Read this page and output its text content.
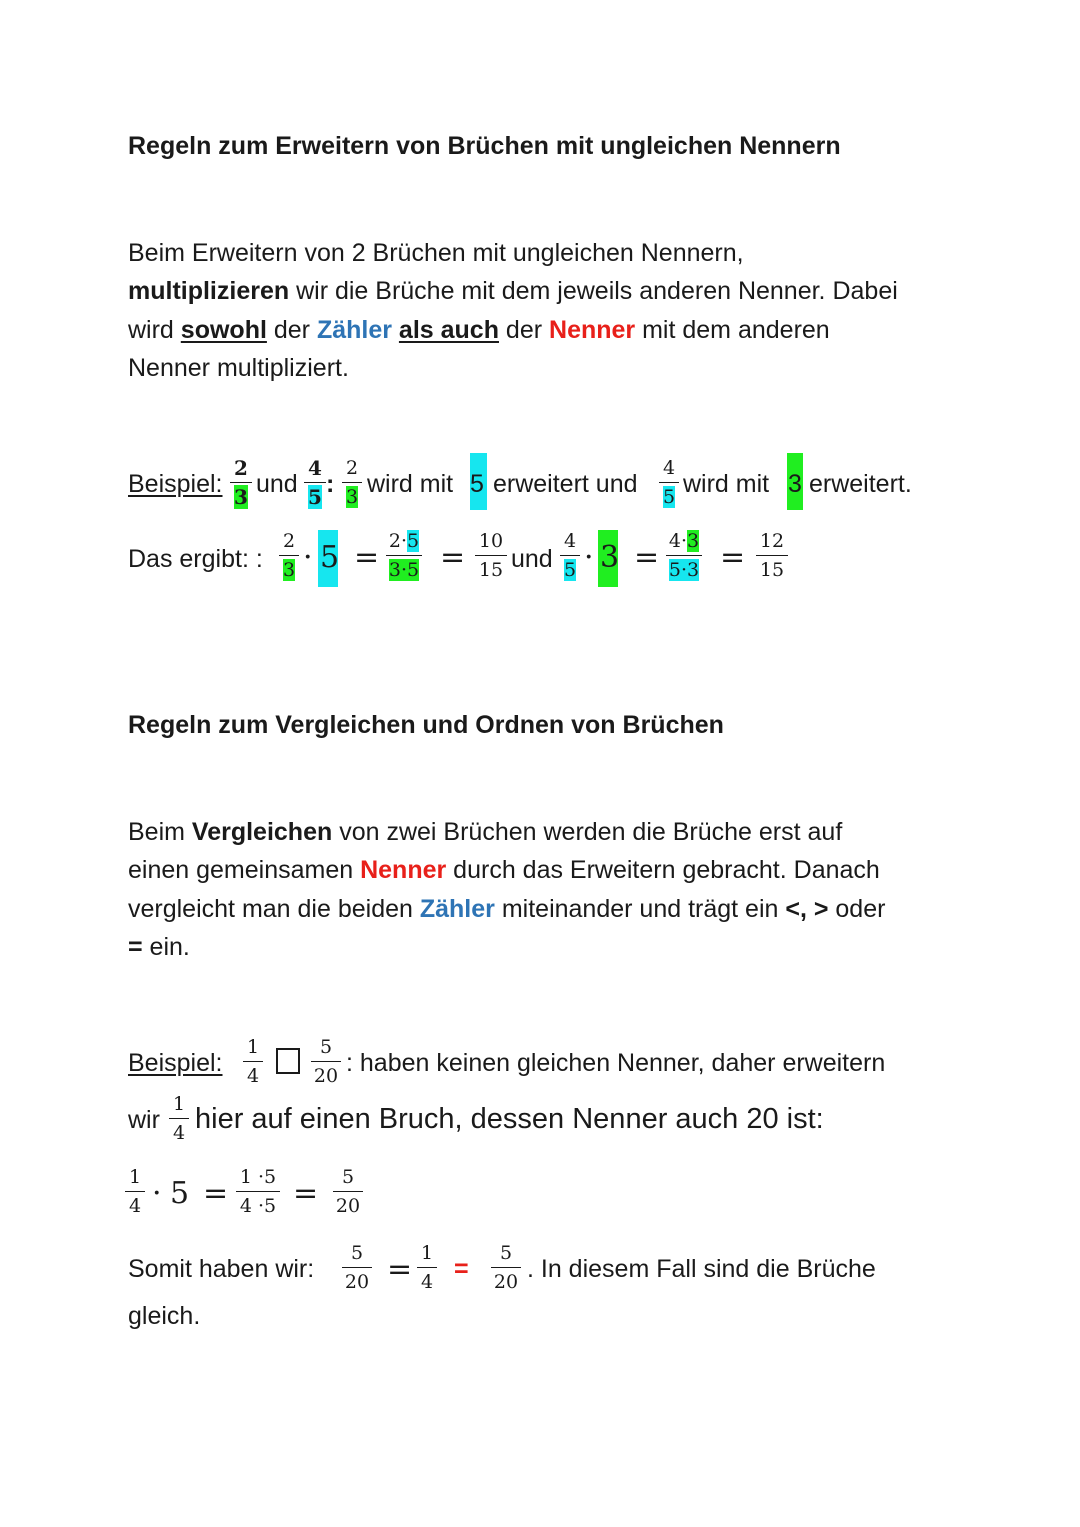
Regeln zum Erweitern von Brüchen mit ungleichen Nennern
Beim Erweitern von 2 Brüchen mit ungleichen Nennern,
multiplizieren wir die Brüche mit dem jeweils anderen Nenner. Dabei
wird sowohl der Zähler als auch der Nenner mit dem anderen
Nenner multipliziert.
Beispiel:
2
3 und
4
5 :
2
3 wird mit 5 erweitert und
4
5 wird mit 3 erweitert.
Das ergibt: :
2
3 · 5 = 2·5
3·5 = 10
15 und
4
5 · 3 = 4·3
5·3 = 12
15
Regeln zum Vergleichen und Ordnen von Brüchen
Beim Vergleichen von zwei Brüchen werden die Brüche erst auf
einen gemeinsamen Nenner durch das Erweitern gebracht. Danach
vergleicht man die beiden Zähler miteinander und trägt ein <, > oder
= ein.
Beispiel:
1
4
5
20 : haben keinen gleichen Nenner, daher erweitern
wir
1
4 hier auf einen Bruch, dessen Nenner auch 20 ist:
1
4 · 5 = 1 ·5
4 ·5 =	5
20
Somit haben wir:
5
20 = 1
4 =
5
20 . In diesem Fall sind die Brüche
gleich.
